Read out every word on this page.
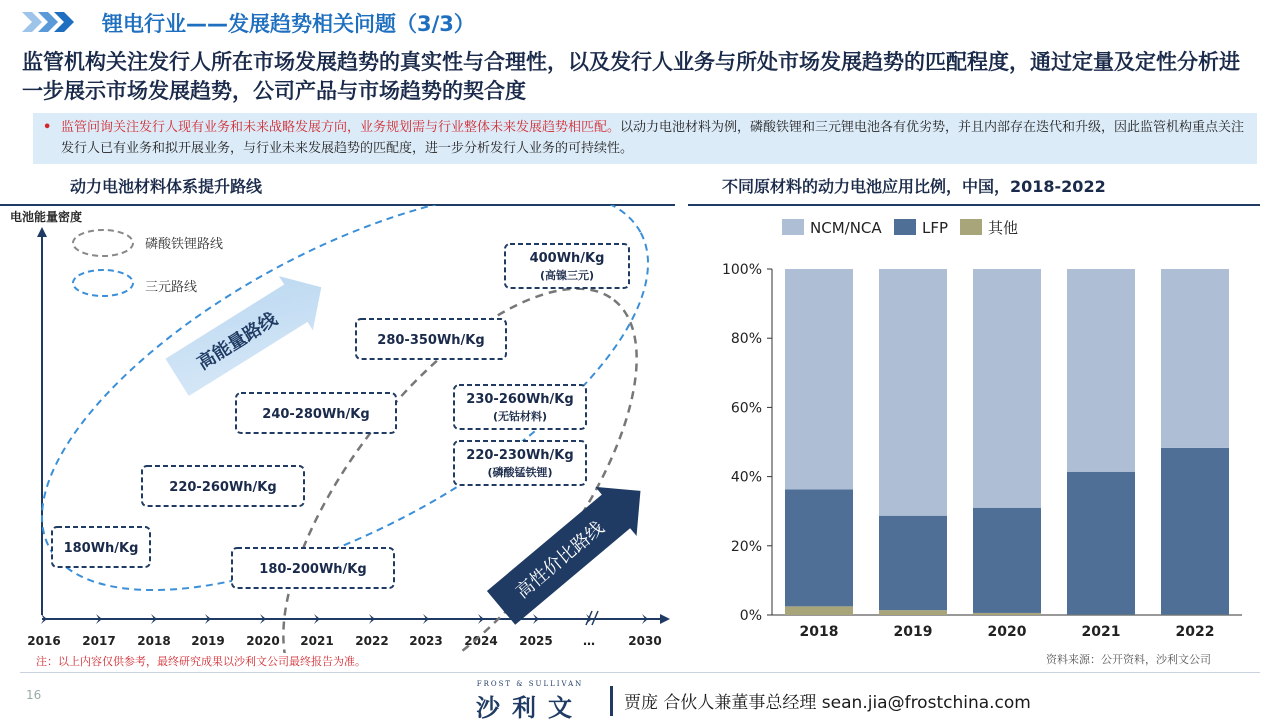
锂电行业——发展趋势相关问题（3/3）
监管机构关注发行人所在市场发展趋势的真实性与合理性，以及发行人业务与所处市场发展趋势的匹配程度，通过定量及定性分析进一步展示市场发展趋势，公司产品与市场趋势的契合度
• 监管问询关注发行人现有业务和未来战略发展方向，业务规划需与行业整体未来发展趋势相匹配。以动力电池材料为例，磷酸铁锂和三元锂电池各有优劣势，并且内部存在迭代和升级，因此监管机构重点关注发行人已有业务和拟开展业务，与行业未来发展趋势的匹配度，进一步分析发行人业务的可持续性。
动力电池材料体系提升路线	不同原材料的动力电池应用比例，中国，2018-2022
电池能量密度
2016 2017 2018 2019 2020 2021 2022 2023 2024 2025	…	2030
磷酸铁锂路线
三元路线
高能量路线
高性价比路线
180Wh/Kg
220-260Wh/Kg
180-200Wh/Kg
240-280Wh/Kg
280-350Wh/Kg
400Wh/Kg
(高镍三元)
230-260Wh/Kg
(无钴材料)
220-230Wh/Kg
(磷酸锰铁锂)
NCM/NCA	LFP	其他
0%
20%
40%
60%
80%
100%
2018	2019	2020	2021	2022
注：以上内容仅供参考，最终研究成果以沙利文公司最终报告为准。	资料来源：公开资料，沙利文公司
16
FROST & SULLIVAN
沙利文	贾庞 合伙人兼董事总经理 sean.jia@frostchina.com
